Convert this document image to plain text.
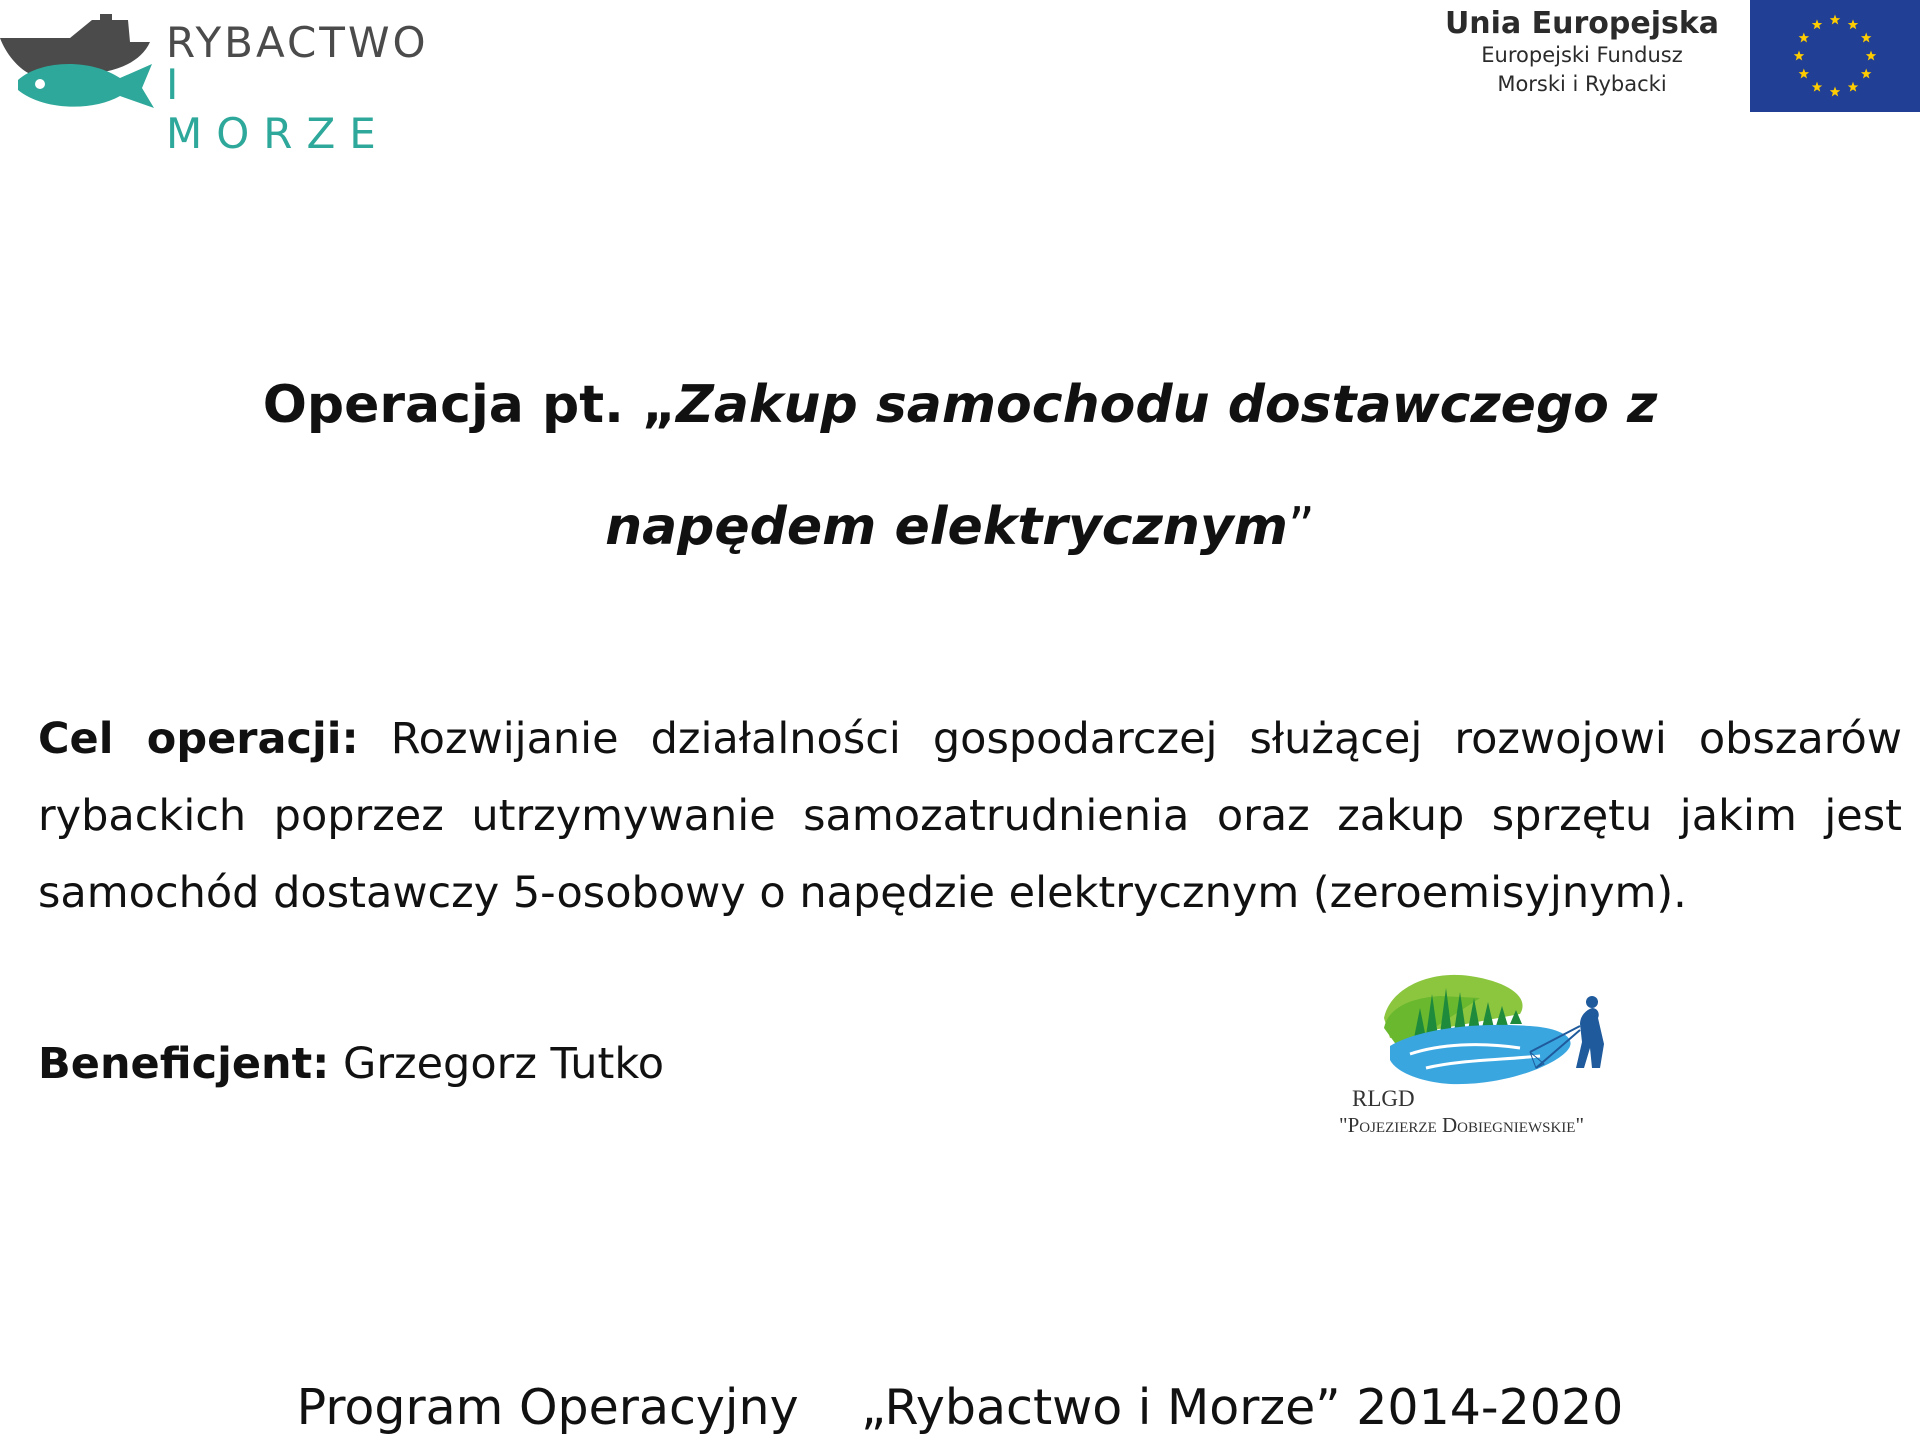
RYBACTWO
I MORZE
Unia Europejska
Europejski Fundusz
Morski i Rybacki
Operacja pt. „Zakup samochodu dostawczego z napędem elektrycznym”

Cel operacji: Rozwijanie działalności gospodarczej służącej rozwojowi obszarów rybackich poprzez utrzymywanie samozatrudnienia oraz zakup sprzętu jakim jest samochód dostawczy 5-osobowy o napędzie elektrycznym (zeroemisyjnym).

Beneficjent: Grzegorz Tutko

RLGD
"Pojezierze Dobiegniewskie"
Program Operacyjny    „Rybactwo i Morze” 2014-2020
